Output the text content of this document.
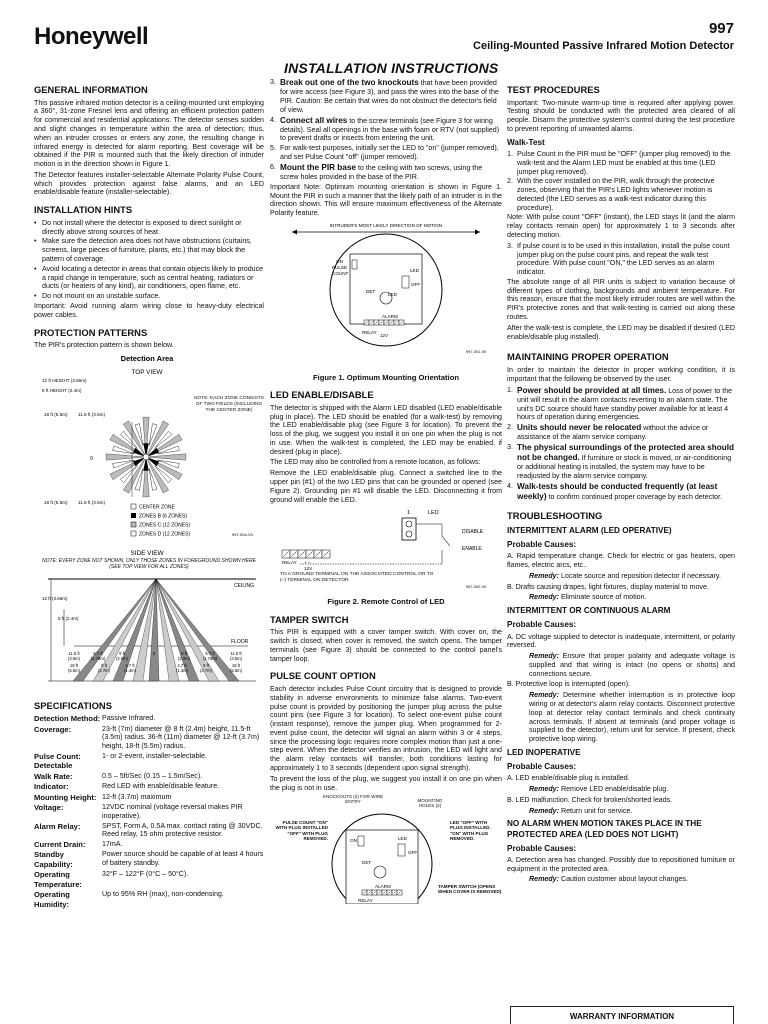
Honeywell	997
Ceiling-Mounted Passive Infrared Motion Detector
INSTALLATION INSTRUCTIONS
GENERAL INFORMATION

This passive infrared motion detector is a ceiling-mounted unit employing a 360°, 31-zone Fresnel lens and offering an efficient protection pattern for commercial and residential applications. The detector senses sudden and slight changes in temperature within the area of detection; thus, when an intruder crosses or enters any zone, the resulting change in infrared energy is detected for alarm reporting. Best coverage will be obtained if the PIR is mounted such that the likely direction of intruder motion is in the direction shown in Figure 1.

The Detector features installer-selectable Alternate Polarity Pulse Count, which provides protection against false alarms, and an LED enable/disable feature (installer-selectable).

INSTALLATION HINTS
• Do not install where the detector is exposed to direct sunlight or directly above strong sources of heat.
• Make sure the detection area does not have obstructions (curtains, screens, large pieces of furniture, plants, etc.) that may block the pattern of coverage.
• Avoid locating a detector in areas that contain objects likely to produce a rapid change in temperature, such as central heating, radiators or ducts (or heaters of any kind), air conditioners, open flame, etc.
• Do not mount on an unstable surface.

Important: Avoid running alarm wiring close to heavy-duty electrical power cables.

PROTECTION PATTERNS

The PIR's protection pattern is shown below.

Detection Area
TOP VIEW
12 ft HEIGHT (3.66m)
8 ft HEIGHT (2.4m)
18 ft (5.5m) 11.5 ft (3.5m)
0
18 ft (5.5m) 11.5 ft (3.5m)
NOTE: EACH ZONE CONSISTS OF TWO FIELDS (INCLUDING THE CENTER ZONE)
CENTER ZONE
ZONES B (6 ZONES)
ZONES C (12 ZONES)
ZONES D (12 ZONES)	997-004-V0

SIDE VIEW
NOTE: EVERY ZONE NOT SHOWN, ONLY THOSE ZONES IN FOREGROUND SHOWN HERE (SEE TOP VIEW FOR ALL ZONES)
CEILING
FLOOR
12 ft (3.66m)
8 ft (2.4m)
11.5 ft
(3.5m)
5.7 ft
(1.75m)
9 ft
(2.0m)
0	9 ft
(2.0m)
5.7 ft
(1.75m)
11.5 ft
(3.5m)
18 ft
(5.5m)
9 ft
(2.7m)
4.7 ft
(1.4m)
4.7 ft
(1.4m)
9 ft
(2.7m)
18 ft
(5.5m)
SPECIFICATIONS
Detection Method: Passive Infrared.
Coverage:	23-ft (7m) diameter @ 8 ft (2.4m) height, 11.5-ft (3.5m) radius. 36-ft (11m) diameter @ 12-ft (3.7m) height, 18-ft (5.5m) radius.
Pulse Count: Detectable
1- or 2-event, installer-selectable.
Walk Rate:	0.5 – 5ft/Sec (0.15 – 1.5m/Sec).
Indicator:	Red LED with enable/disable feature.
Mounting Height: 12-ft (3.7m) maximum
Voltage:	12VDC nominal (voltage reversal makes PIR inoperative).
Alarm Relay:	SPST, Form A, 0.5A max. contact rating @ 30VDC. Reed relay, 15 ohm protective resistor.
Current Drain:	17mA.
Standby Capability:
Power source should be capable of at least 4 hours of battery standby.
Operating Temperature:
32°F – 122°F (0°C – 50°C).
Operating Humidity:
Up to 95% RH (max), non-condensing.
3. Break out one of the two knockouts that have been provided for wire access (see Figure 3), and pass the wires into the base of the PIR. Caution: Be certain that wires do not obstruct the detector's field of view.
4. Connect all wires to the screw terminals (see Figure 3 for wiring details). Seal all openings in the base with foam or RTV (not supplied) to prevent drafts or insects from entering the unit.
5. For walk-test purposes, initially set the LED to "on" (jumper removed), and set Pulse Count "off" (jumper removed).
6. Mount the PIR base to the ceiling with two screws, using the screw holes provided in the base of the PIR.

Important Note: Optimum mounting orientation is shown in Figure 1. Mount the PIR in such a manner that the likely path of an intruder is in the direction shown. This will ensure maximum effectiveness of the Alternate Polarity feature.

INTRUDER'S MOST LIKELY DIRECTION OF MOTION
ON
PULSE
COUNT
LED
OFF
DET
LED
ALARM
RELAY
12V
997-001-V0
Figure 1. Optimum Mounting Orientation
LED ENABLE/DISABLE

The detector is shipped with the Alarm LED disabled (LED enable/disable plug in place). The LED should be enabled (for a walk-test) by removing the LED enable/disable plug (see Figure 3 for location). To prevent the loss of the plug, we suggest you install it on one pin when the plug is not in use. When the walk-test is completed, the LED may be enabled, if desired (plug in place).

The LED may also be controlled from a remote location, as follows:

Remove the LED enable/disable plug. Connect a switched line to the upper pin (#1) of the two LED pins that can be grounded or opened (see Figure 2). Grounding pin #1 will disable the LED. Disconnecting it from ground will enable the LED.

1	LED
DISABLE
ENABLE
RELAY + –
12V
TO A GROUND TERMINAL ON THE ASSOCIATED CONTROL OR TO (–) TERMINAL ON DETECTOR
997-002-V0
Figure 2. Remote Control of LED
TAMPER SWITCH

This PIR is equipped with a cover tamper switch. With cover on, the switch is closed; when cover is removed, the switch opens. The tamper terminals (see Figure 3) should be connected to the control panel's tamper loop.

PULSE COUNT OPTION

Each detector includes Pulse Count circuitry that is designed to provide stability in adverse environments to minimize false alarms. Two-event pulse count is provided by positioning the jumper plug across the pulse count pins (see Figure 3 for location). To select one-event pulse count (instant response), remove the jumper plug. When programmed for 2-event pulse count, the detector will signal an alarm within 3 or 4 steps, since the processing logic requires more complex motion than just a one-step event. When the detector verifies an intrusion, the LED will light and the alarm relay contacts will transfer, both conditions lasting for approximately 1 to 3 seconds (dependent upon signal strength).

To prevent the loss of the plug, we suggest you install it on one pin when the plug is not in use.

KNOCKOUTS (2) FOR WIRE ENTRY	MOUNTING HOLES (2)
PULSE COUNT "ON" WITH PLUG INSTALLED "OFF" WITH PLUG REMOVED.
LED "OFF" WITH PLUG INSTALLED. "ON" WITH PLUG REMOVED.
ON	LED
OFF
DET
ALARM
RELAY
TAMPER SWITCH (OPENS WHEN COVER IS REMOVED)
TEST PROCEDURES

Important: Two-minute warm-up time is required after applying power. Testing should be conducted with the protected area cleared of all people. Disarm the protective system's control during the test procedure to prevent reporting of unwanted alarms.

Walk-Test
1. Pulse Count in the PIR must be "OFF" (jumper plug removed) to the walk-test and the Alarm LED must be enabled at this time (LED jumper plug removed).
2. With the cover installed on the PIR, walk through the protective zones, observing that the PIR's LED lights whenever motion is detected (the LED serves as a walk-test indicator during this procedure).

Note: With pulse count "OFF" (instant), the LED stays lit (and the alarm relay contacts remain open) for approximately 1 to 3 seconds after detecting motion.

3. If pulse count is to be used in this installation, install the pulse count jumper plug on the pulse count pins, and repeat the walk test procedure. With pulse count "ON," the LED serves as an alarm indicator.

The absolute range of all PIR units is subject to variation because of different types of clothing, backgrounds and ambient temperature. For this reason, ensure that the most likely intruder routes are well within the PIR's protective zones and that walk-testing is carried out along these routes.

After the walk-test is complete, the LED may be disabled if desired (LED enable/disable plug installed).

MAINTAINING PROPER OPERATION

In order to maintain the detector in proper working condition, it is important that the following be observed by the user.

1. Power should be provided at all times. Loss of power to the unit will result in the alarm contacts reverting to an alarm state. The unit's DC source should have standby power available for at least 4 hours of operation during emergencies.
2. Units should never be relocated without the advice or assistance of the alarm service company.
3. The physical surroundings of the protected area should not be changed. If furniture or stock is moved, or air-conditioning or additional heating is installed, the system may have to be readjusted by the alarm service company.
4. Walk-tests should be conducted frequently (at least weekly) to confirm continued proper coverage by each detector.
TROUBLESHOOTING
INTERMITTENT ALARM (LED OPERATIVE)
Probable Causes:

A. Rapid temperature change. Check for electric or gas heaters, open flames, electric arcs, etc..

Remedy: Locate source and reposition detector if necessary.

B. Drafts causing drapes, light fixtures, display material to move.

Remedy: Eliminate source of motion.

INTERMITTENT OR CONTINUOUS ALARM
Probable Causes:

A. DC voltage supplied to detector is inadequate, intermittent, or polarity reversed.

Remedy: Ensure that proper polarity and adequate voltage is supplied and that wiring is intact (no opens or shorts) and connections secure.

B. Protective loop is interrupted (open).

Remedy: Determine whether interruption is in protective loop wiring or at detector's alarm relay contacts. Disconnect protective loop at detector relay contact terminals and check continuity across terminals. If absent at terminals (and proper voltage is supplied to the detector), return unit for service. If present, check protective loop wiring.

LED INOPERATIVE
Probable Causes:

A. LED enable/disable plug is installed.

Remedy: Remove LED enable/disable plug.

B. LED malfunction. Check for broken/shorted leads.

Remedy: Return unit for service.

NO ALARM WHEN MOTION TAKES PLACE IN THE PROTECTED AREA (LED DOES NOT LIGHT)
Probable Causes:

A. Detection area has changed. Possibly due to repositioned furniture or equipment in the protected area.

Remedy: Caution customer about layout changes.

WARRANTY INFORMATION
